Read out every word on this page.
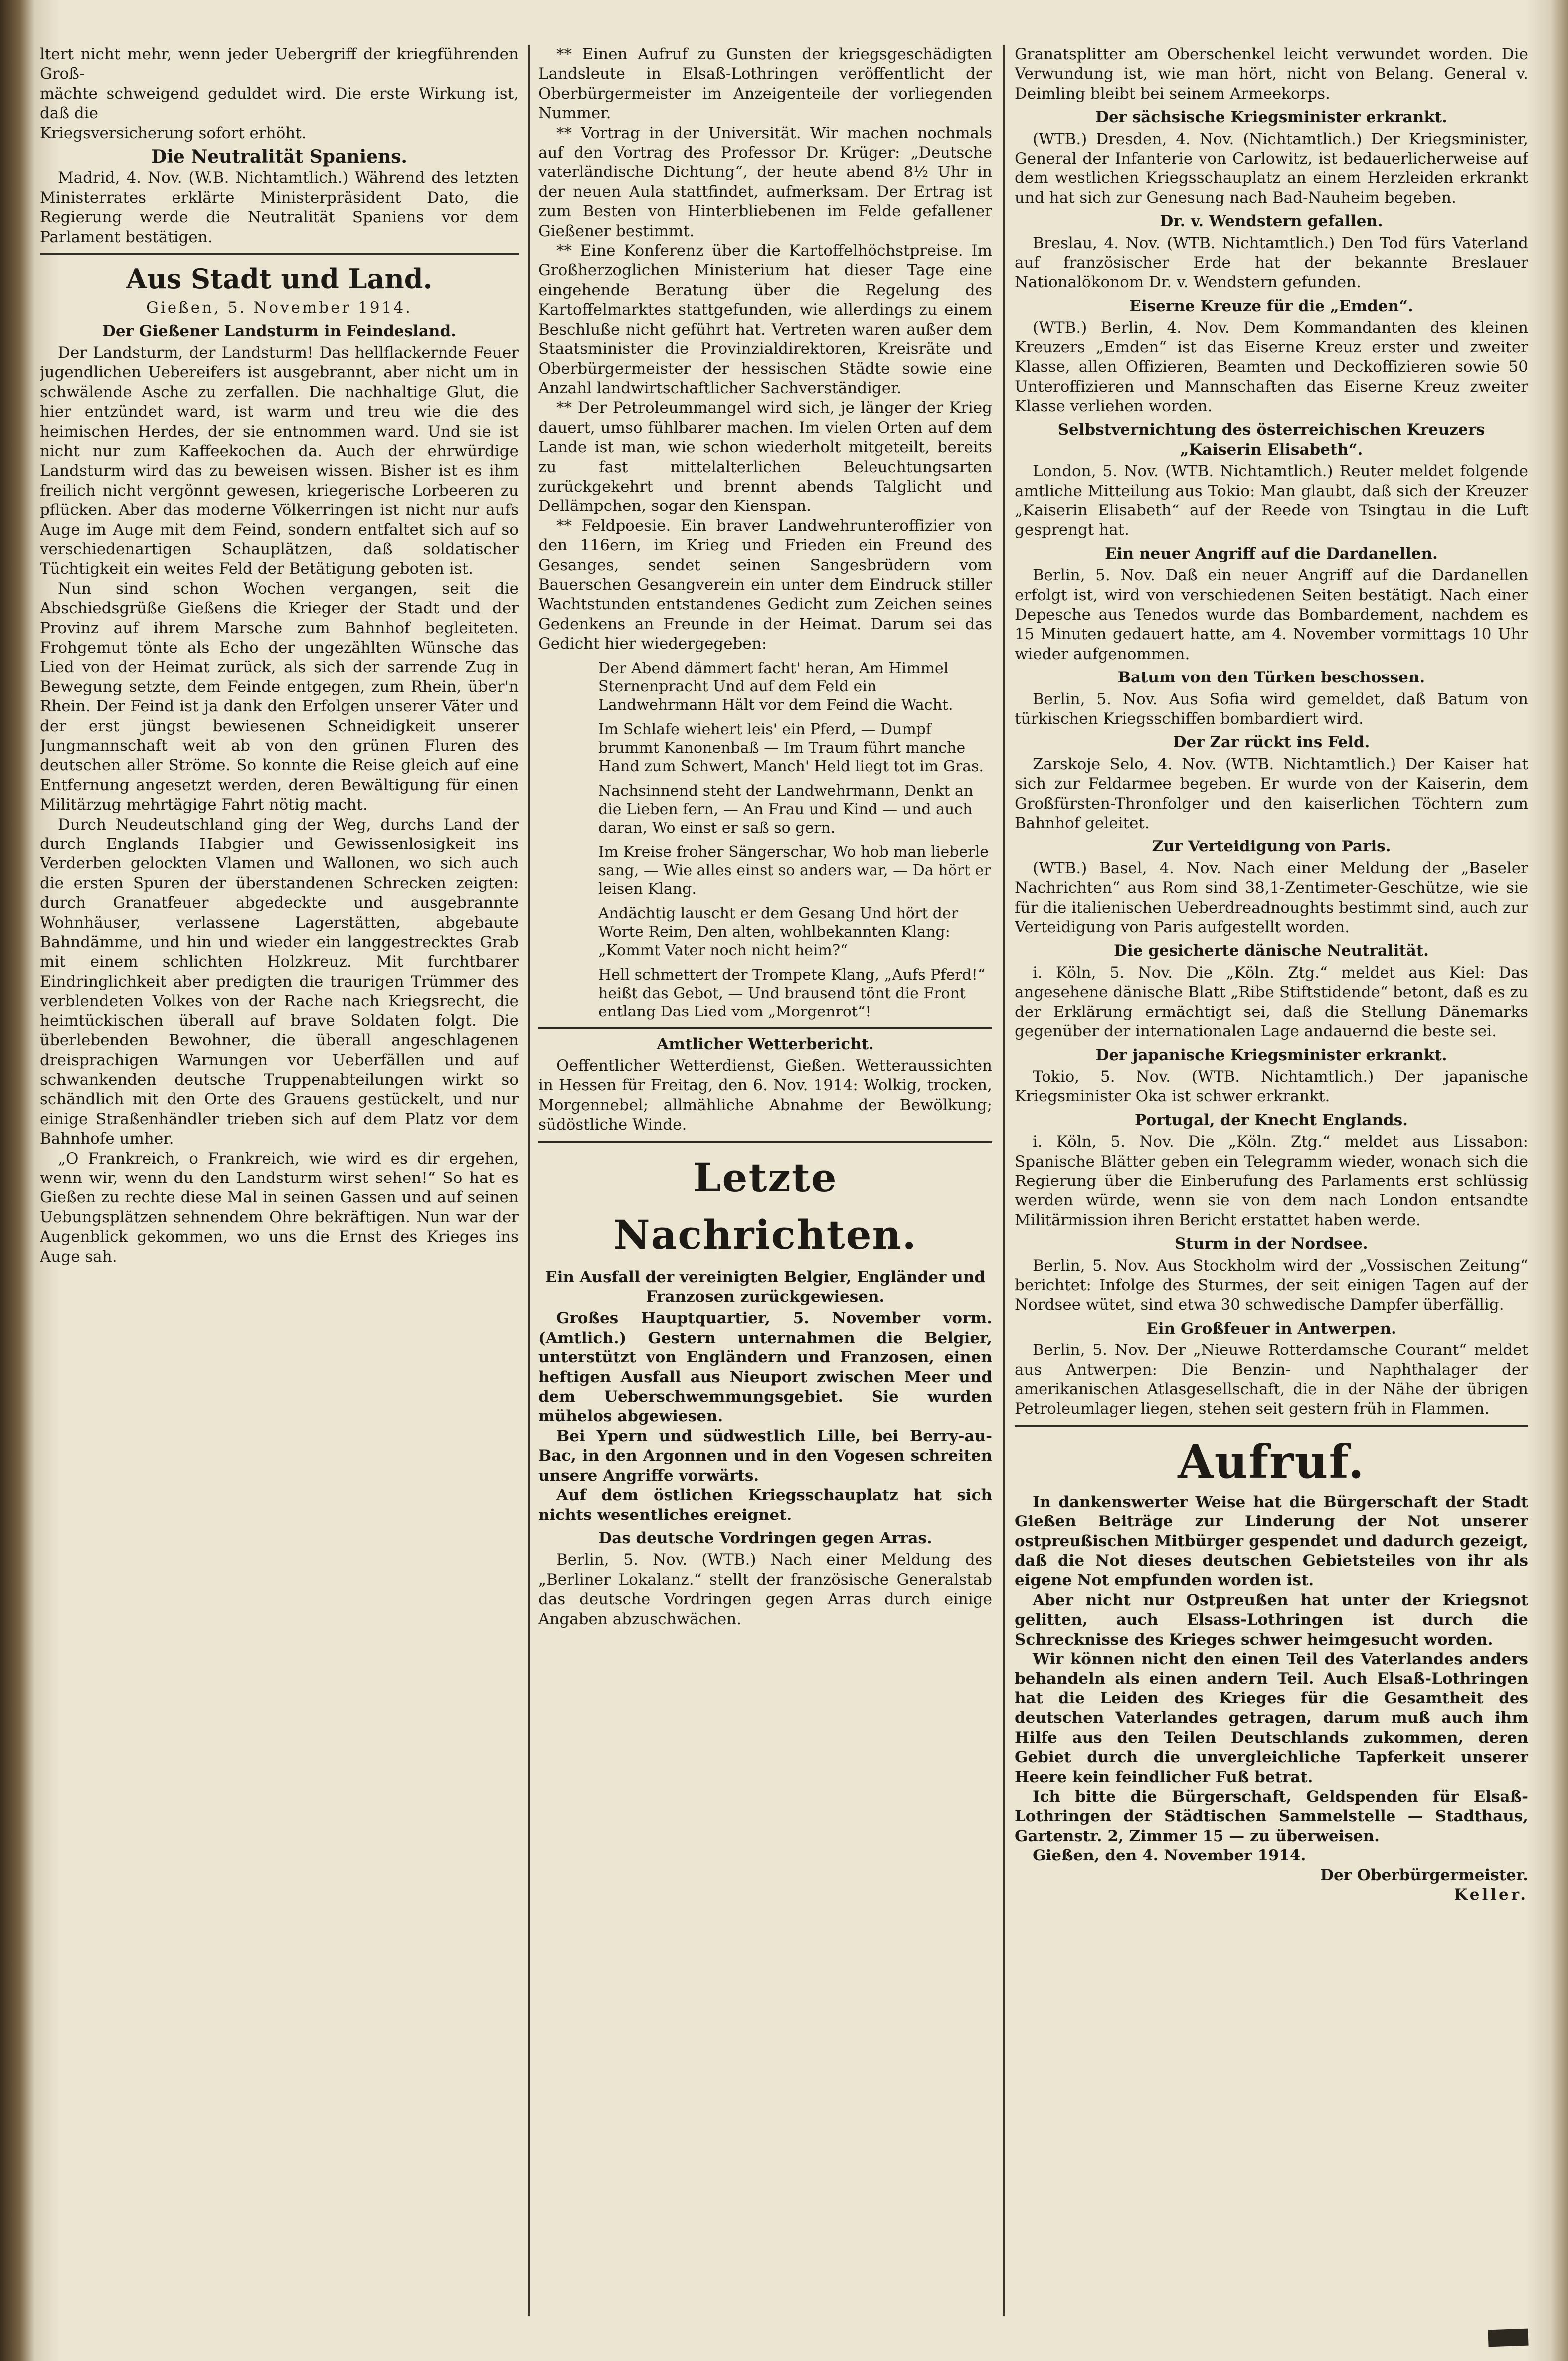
ltert nicht mehr, wenn jeder Uebergriff der kriegführenden Groß-

mächte schweigend geduldet wird. Die erste Wirkung ist, daß die

Kriegsversicherung sofort erhöht.

Die Neutralität Spaniens.

Madrid, 4. Nov. (W.B. Nichtamtlich.) Während des letzten Ministerrates erklärte Ministerpräsident Dato, die Regierung werde die Neutralität Spaniens vor dem Parlament bestätigen.

Aus Stadt und Land.
Gießen, 5. November 1914.
Der Gießener Landsturm in Feindesland.

Der Landsturm, der Landsturm! Das hellflackernde Feuer jugendlichen Uebereifers ist ausgebrannt, aber nicht um in schwälende Asche zu zerfallen. Die nachhaltige Glut, die hier entzündet ward, ist warm und treu wie die des heimischen Herdes, der sie entnommen ward. Und sie ist nicht nur zum Kaffeekochen da. Auch der ehrwürdige Landsturm wird das zu beweisen wissen. Bisher ist es ihm freilich nicht vergönnt gewesen, kriegerische Lorbeeren zu pflücken. Aber das moderne Völkerringen ist nicht nur aufs Auge im Auge mit dem Feind, sondern entfaltet sich auf so verschiedenartigen Schauplätzen, daß soldatischer Tüchtigkeit ein weites Feld der Betätigung geboten ist.

Nun sind schon Wochen vergangen, seit die Abschiedsgrüße Gießens die Krieger der Stadt und der Provinz auf ihrem Marsche zum Bahnhof begleiteten. Frohgemut tönte als Echo der ungezählten Wünsche das Lied von der Heimat zurück, als sich der sarrende Zug in Bewegung setzte, dem Feinde entgegen, zum Rhein, über'n Rhein. Der Feind ist ja dank den Erfolgen unserer Väter und der erst jüngst bewiesenen Schneidigkeit unserer Jungmannschaft weit ab von den grünen Fluren des deutschen aller Ströme. So konnte die Reise gleich auf eine Entfernung angesetzt werden, deren Bewältigung für einen Militärzug mehrtägige Fahrt nötig macht.

Durch Neudeutschland ging der Weg, durchs Land der durch Englands Habgier und Gewissenlosigkeit ins Verderben gelockten Vlamen und Wallonen, wo sich auch die ersten Spuren der überstandenen Schrecken zeigten: durch Granatfeuer abgedeckte und ausgebrannte Wohnhäuser, verlassene Lagerstätten, abgebaute Bahndämme, und hin und wieder ein langgestrecktes Grab mit einem schlichten Holzkreuz. Mit furchtbarer Eindringlichkeit aber predigten die traurigen Trümmer des verblendeten Volkes von der Rache nach Kriegsrecht, die heimtückischen überall auf brave Soldaten folgt. Die überlebenden Bewohner, die überall angeschlagenen dreisprachigen Warnungen vor Ueberfällen und auf schwankenden deutsche Truppenabteilungen wirkt so schändlich mit den Orte des Grauens gestückelt, und nur einige Straßenhändler trieben sich auf dem Platz vor dem Bahnhofe umher.

„O Frankreich, o Frankreich, wie wird es dir ergehen, wenn wir, wenn du den Landsturm wirst sehen!“ So hat es Gießen zu rechte diese Mal in seinen Gassen und auf seinen Uebungsplätzen sehnendem Ohre bekräftigen. Nun war der Augenblick gekommen, wo uns die Ernst des Krieges ins Auge sah.

** Einen Aufruf zu Gunsten der kriegsgeschädigten Landsleute in Elsaß-Lothringen veröffentlicht der Oberbürgermeister im Anzeigenteile der vorliegenden Nummer.

** Vortrag in der Universität. Wir machen nochmals auf den Vortrag des Professor Dr. Krüger: „Deutsche vaterländische Dichtung“, der heute abend 8½ Uhr in der neuen Aula stattfindet, aufmerksam. Der Ertrag ist zum Besten von Hinterbliebenen im Felde gefallener Gießener bestimmt.

** Eine Konferenz über die Kartoffelhöchstpreise. Im Großherzoglichen Ministerium hat dieser Tage eine eingehende Beratung über die Regelung des Kartoffelmarktes stattgefunden, wie allerdings zu einem Beschluße nicht geführt hat. Vertreten waren außer dem Staatsminister die Provinzialdirektoren, Kreisräte und Oberbürgermeister der hessischen Städte sowie eine Anzahl landwirtschaftlicher Sachverständiger.

** Der Petroleummangel wird sich, je länger der Krieg dauert, umso fühlbarer machen. Im vielen Orten auf dem Lande ist man, wie schon wiederholt mitgeteilt, bereits zu fast mittelalterlichen Beleuchtungsarten zurückgekehrt und brennt abends Talglicht und Dellämpchen, sogar den Kienspan.

** Feldpoesie. Ein braver Landwehrunteroffizier von den 116ern, im Krieg und Frieden ein Freund des Gesanges, sendet seinen Sangesbrüdern vom Bauerschen Gesangverein ein unter dem Eindruck stiller Wachtstunden entstandenes Gedicht zum Zeichen seines Gedenkens an Freunde in der Heimat. Darum sei das Gedicht hier wiedergegeben:

Der Abend dämmert facht' heran, Am Himmel Sternenpracht Und auf dem Feld ein Landwehrmann Hält vor dem Feind die Wacht.

Im Schlafe wiehert leis' ein Pferd, — Dumpf brummt Kanonenbaß — Im Traum führt manche Hand zum Schwert, Manch' Held liegt tot im Gras.

Nachsinnend steht der Landwehrmann, Denkt an die Lieben fern, — An Frau und Kind — und auch daran, Wo einst er saß so gern.

Im Kreise froher Sängerschar, Wo hob man lieberle sang, — Wie alles einst so anders war, — Da hört er leisen Klang.

Andächtig lauscht er dem Gesang Und hört der Worte Reim, Den alten, wohlbekannten Klang: „Kommt Vater noch nicht heim?“

Hell schmettert der Trompete Klang, „Aufs Pferd!“ heißt das Gebot, — Und brausend tönt die Front entlang Das Lied vom „Morgenrot“!

Amtlicher Wetterbericht.

Oeffentlicher Wetterdienst, Gießen. Wetteraussichten in Hessen für Freitag, den 6. Nov. 1914: Wolkig, trocken, Morgennebel; allmähliche Abnahme der Bewölkung; südöstliche Winde.

Letzte Nachrichten.

Ein Ausfall der vereinigten Belgier, Engländer und Franzosen zurückgewiesen.

Großes Hauptquartier, 5. November vorm. (Amtlich.) Gestern unternahmen die Belgier, unterstützt von Engländern und Franzosen, einen heftigen Ausfall aus Nieuport zwischen Meer und dem Ueberschwemmungsgebiet. Sie wurden mühelos abgewiesen.

Bei Ypern und südwestlich Lille, bei Berry-au-Bac, in den Argonnen und in den Vogesen schreiten unsere Angriffe vorwärts.

Auf dem östlichen Kriegsschauplatz hat sich nichts wesentliches ereignet.

Das deutsche Vordringen gegen Arras.

Berlin, 5. Nov. (WTB.) Nach einer Meldung des „Berliner Lokalanz.“ stellt der französische Generalstab das deutsche Vordringen gegen Arras durch einige Angaben abzuschwächen.

Granatsplitter am Oberschenkel leicht verwundet worden. Die Verwundung ist, wie man hört, nicht von Belang. General v. Deimling bleibt bei seinem Armeekorps.

Der sächsische Kriegsminister erkrankt.

(WTB.) Dresden, 4. Nov. (Nichtamtlich.) Der Kriegsminister, General der Infanterie von Carlowitz, ist bedauerlicherweise auf dem westlichen Kriegsschauplatz an einem Herzleiden erkrankt und hat sich zur Genesung nach Bad-Nauheim begeben.

Dr. v. Wendstern gefallen.

Breslau, 4. Nov. (WTB. Nichtamtlich.) Den Tod fürs Vaterland auf französischer Erde hat der bekannte Breslauer Nationalökonom Dr. v. Wendstern gefunden.

Eiserne Kreuze für die „Emden“.

(WTB.) Berlin, 4. Nov. Dem Kommandanten des kleinen Kreuzers „Emden“ ist das Eiserne Kreuz erster und zweiter Klasse, allen Offizieren, Beamten und Deckoffizieren sowie 50 Unteroffizieren und Mannschaften das Eiserne Kreuz zweiter Klasse verliehen worden.

Selbstvernichtung des österreichischen Kreuzers „Kaiserin Elisabeth“.

London, 5. Nov. (WTB. Nichtamtlich.) Reuter meldet folgende amtliche Mitteilung aus Tokio: Man glaubt, daß sich der Kreuzer „Kaiserin Elisabeth“ auf der Reede von Tsingtau in die Luft gesprengt hat.

Ein neuer Angriff auf die Dardanellen.

Berlin, 5. Nov. Daß ein neuer Angriff auf die Dardanellen erfolgt ist, wird von verschiedenen Seiten bestätigt. Nach einer Depesche aus Tenedos wurde das Bombardement, nachdem es 15 Minuten gedauert hatte, am 4. November vormittags 10 Uhr wieder aufgenommen.

Batum von den Türken beschossen.

Berlin, 5. Nov. Aus Sofia wird gemeldet, daß Batum von türkischen Kriegsschiffen bombardiert wird.

Der Zar rückt ins Feld.

Zarskoje Selo, 4. Nov. (WTB. Nichtamtlich.) Der Kaiser hat sich zur Feldarmee begeben. Er wurde von der Kaiserin, dem Großfürsten-Thronfolger und den kaiserlichen Töchtern zum Bahnhof geleitet.

Zur Verteidigung von Paris.

(WTB.) Basel, 4. Nov. Nach einer Meldung der „Baseler Nachrichten“ aus Rom sind 38,1-Zentimeter-Geschütze, wie sie für die italienischen Ueberdreadnoughts bestimmt sind, auch zur Verteidigung von Paris aufgestellt worden.

Die gesicherte dänische Neutralität.

i. Köln, 5. Nov. Die „Köln. Ztg.“ meldet aus Kiel: Das angesehene dänische Blatt „Ribe Stiftstidende“ betont, daß es zu der Erklärung ermächtigt sei, daß die Stellung Dänemarks gegenüber der internationalen Lage andauernd die beste sei.

Der japanische Kriegsminister erkrankt.

Tokio, 5. Nov. (WTB. Nichtamtlich.) Der japanische Kriegsminister Oka ist schwer erkrankt.

Portugal, der Knecht Englands.

i. Köln, 5. Nov. Die „Köln. Ztg.“ meldet aus Lissabon: Spanische Blätter geben ein Telegramm wieder, wonach sich die Regierung über die Einberufung des Parlaments erst schlüssig werden würde, wenn sie von dem nach London entsandte Militärmission ihren Bericht erstattet haben werde.

Sturm in der Nordsee.

Berlin, 5. Nov. Aus Stockholm wird der „Vossischen Zeitung“ berichtet: Infolge des Sturmes, der seit einigen Tagen auf der Nordsee wütet, sind etwa 30 schwedische Dampfer überfällig.

Ein Großfeuer in Antwerpen.

Berlin, 5. Nov. Der „Nieuwe Rotterdamsche Courant“ meldet aus Antwerpen: Die Benzin- und Naphthalager der amerikanischen Atlasgesellschaft, die in der Nähe der übrigen Petroleumlager liegen, stehen seit gestern früh in Flammen.

Aufruf.

In dankenswerter Weise hat die Bürgerschaft der Stadt Gießen Beiträge zur Linderung der Not unserer ostpreußischen Mitbürger gespendet und dadurch gezeigt, daß die Not dieses deutschen Gebietsteiles von ihr als eigene Not empfunden worden ist.

Aber nicht nur Ostpreußen hat unter der Kriegsnot gelitten, auch Elsass-Lothringen ist durch die Schrecknisse des Krieges schwer heimgesucht worden.

Wir können nicht den einen Teil des Vaterlandes anders behandeln als einen andern Teil. Auch Elsaß-Lothringen hat die Leiden des Krieges für die Gesamtheit des deutschen Vaterlandes getragen, darum muß auch ihm Hilfe aus den Teilen Deutschlands zukommen, deren Gebiet durch die unvergleichliche Tapferkeit unserer Heere kein feindlicher Fuß betrat.

Ich bitte die Bürgerschaft, Geldspenden für Elsaß-Lothringen der Städtischen Sammelstelle — Stadthaus, Gartenstr. 2, Zimmer 15 — zu überweisen.

Gießen, den 4. November 1914.

Der Oberbürgermeister.

Keller.
